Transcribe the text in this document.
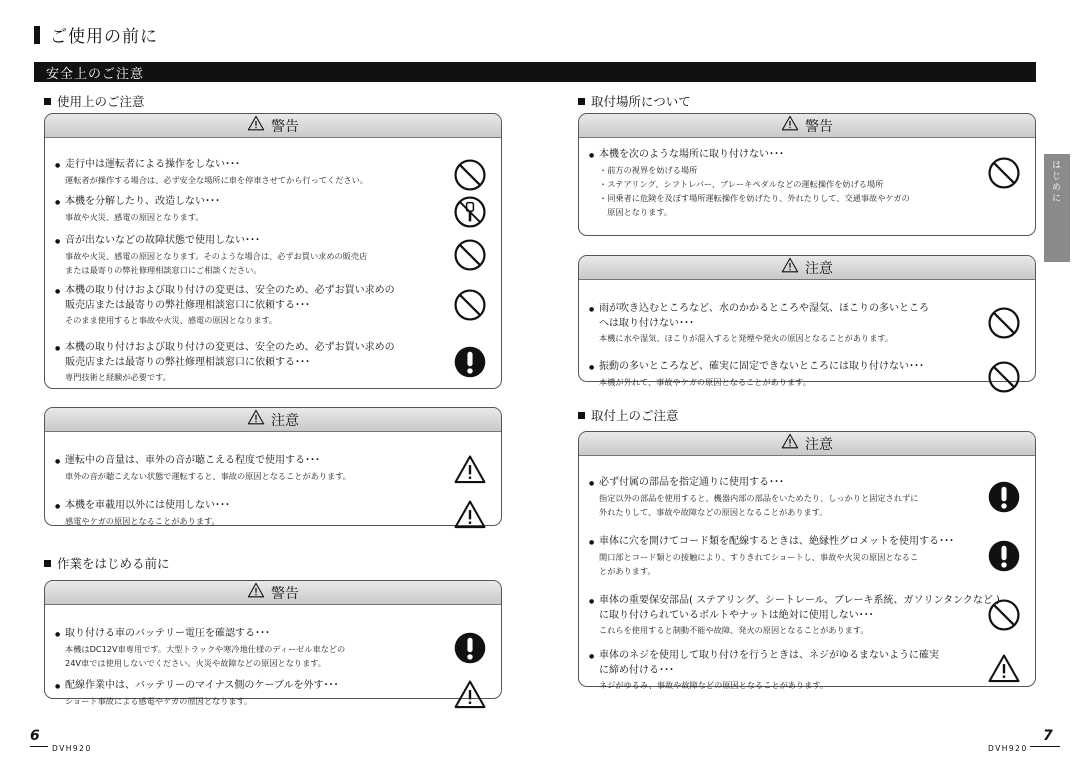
ご使用の前に
安全上のご注意
使用上のご注意	取付場所について
作業をはじめる前に
取付上のご注意
警告
● 走行中は運転者による操作をしない･･･
運転者が操作する場合は、必ず安全な場所に車を停車させてから行ってください。
● 本機を分解したり、改造しない･･･
事故や火災、感電の原因となります。
● 音が出ないなどの故障状態で使用しない･･･
事故や火災、感電の原因となります。そのような場合は、必ずお買い求めの販売店
または最寄りの弊社修理相談窓口にご相談ください。
● 本機の取り付けおよび取り付けの変更は、安全のため、必ずお買い求めの
販売店または最寄りの弊社修理相談窓口に依頼する･･･
そのまま使用すると事故や火災、感電の原因となります。
● 本機の取り付けおよび取り付けの変更は、安全のため、必ずお買い求めの
販売店または最寄りの弊社修理相談窓口に依頼する･･･
専門技術と経験が必要です。
注意
● 運転中の音量は、車外の音が聴こえる程度で使用する･･･
車外の音が聴こえない状態で運転すると、事故の原因となることがあります。
● 本機を車載用以外には使用しない･･･
感電やケガの原因となることがあります。
警告
● 取り付ける車のバッテリー電圧を確認する･･･
本機はDC12V車専用です。大型トラックや寒冷地仕様のディーゼル車などの
24V車では使用しないでください。火災や故障などの原因となります。
● 配線作業中は、バッテリーのマイナス側のケーブルを外す･･･
ショート事故による感電やケガの原因となります。
警告
● 本機を次のような場所に取り付けない･･･
・前方の視界を妨げる場所
・ステアリング、シフトレバー、ブレーキペダルなどの運転操作を妨げる場所
・同乗者に危険を及ぼす場所運転操作を妨げたり、外れたりして、交通事故やケガの
　原因となります。
注意
● 雨が吹き込むところなど、水のかかるところや湿気、ほこりの多いところ
へは取り付けない･･･
本機に水や湿気、ほこりが混入すると発煙や発火の原因となることがあります。
● 振動の多いところなど、確実に固定できないところには取り付けない･･･
本機が外れて、事故やケガの原因となることがあります。
注意
● 必ず付属の部品を指定通りに使用する･･･
指定以外の部品を使用すると、機器内部の部品をいためたり、しっかりと固定されずに
外れたりして、事故や故障などの原因となることがあります。
● 車体に穴を開けてコード類を配線するときは、絶縁性グロメットを使用する･･･
開口部とコード類との接触により、すりきれてショートし、事故や火災の原因となるこ
とがあります。
● 車体の重要保安部品( ステアリング、シートレール、ブレーキ系統、ガソリンタンクなど )
に取り付けられているボルトやナットは絶対に使用しない･･･
これらを使用すると制動不能や故障、発火の原因となることがあります。
● 車体のネジを使用して取り付けを行うときは、ネジがゆるまないように確実
に締め付ける･･･
ネジがゆるみ、事故や故障などの原因となることがあります。
はじめに
6
DVH920	DVH920
7
